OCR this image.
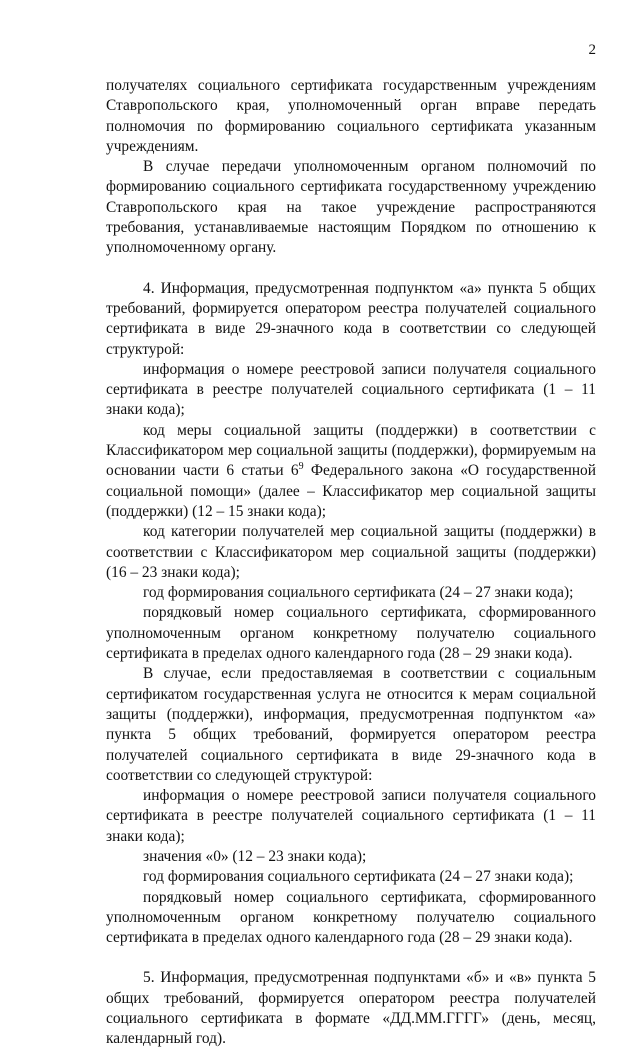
2

получателях социального сертификата государственным учреждениям Ставропольского края, уполномоченный орган вправе передать полномочия по формированию социального сертификата указанным учреждениям.

В случае передачи уполномоченным органом полномочий по формированию социального сертификата государственному учреждению Ставропольского края на такое учреждение распространяются требования, устанавливаемые настоящим Порядком по отношению к уполномоченному органу.

4. Информация, предусмотренная подпунктом «а» пункта 5 общих требований, формируется оператором реестра получателей социального сертификата в виде 29-значного кода в соответствии со следующей структурой:

информация о номере реестровой записи получателя социального сертификата в реестре получателей социального сертификата (1 – 11 знаки кода);

код меры социальной защиты (поддержки) в соответствии с Классификатором мер социальной защиты (поддержки), формируемым на основании части 6 статьи $6^9$ Федерального закона «О государственной социальной помощи» (далее – Классификатор мер социальной защиты (поддержки) (12 – 15 знаки кода);

код категории получателей мер социальной защиты (поддержки) в соответствии с Классификатором мер социальной защиты (поддержки) (16 – 23 знаки кода);

год формирования социального сертификата (24 – 27 знаки кода);

порядковый номер социального сертификата, сформированного уполномоченным органом конкретному получателю социального сертификата в пределах одного календарного года (28 – 29 знаки кода).

В случае, если предоставляемая в соответствии с социальным сертификатом государственная услуга не относится к мерам социальной защиты (поддержки), информация, предусмотренная подпунктом «а» пункта 5 общих требований, формируется оператором реестра получателей социального сертификата в виде 29-значного кода в соответствии со следующей структурой:

информация о номере реестровой записи получателя социального сертификата в реестре получателей социального сертификата (1 – 11 знаки кода);

значения «0» (12 – 23 знаки кода);

год формирования социального сертификата (24 – 27 знаки кода);

порядковый номер социального сертификата, сформированного уполномоченным органом конкретному получателю социального сертификата в пределах одного календарного года (28 – 29 знаки кода).

5. Информация, предусмотренная подпунктами «б» и «в» пункта 5 общих требований, формируется оператором реестра получателей социального сертификата в формате «ДД.ММ.ГГГГ» (день, месяц, календарный год).
